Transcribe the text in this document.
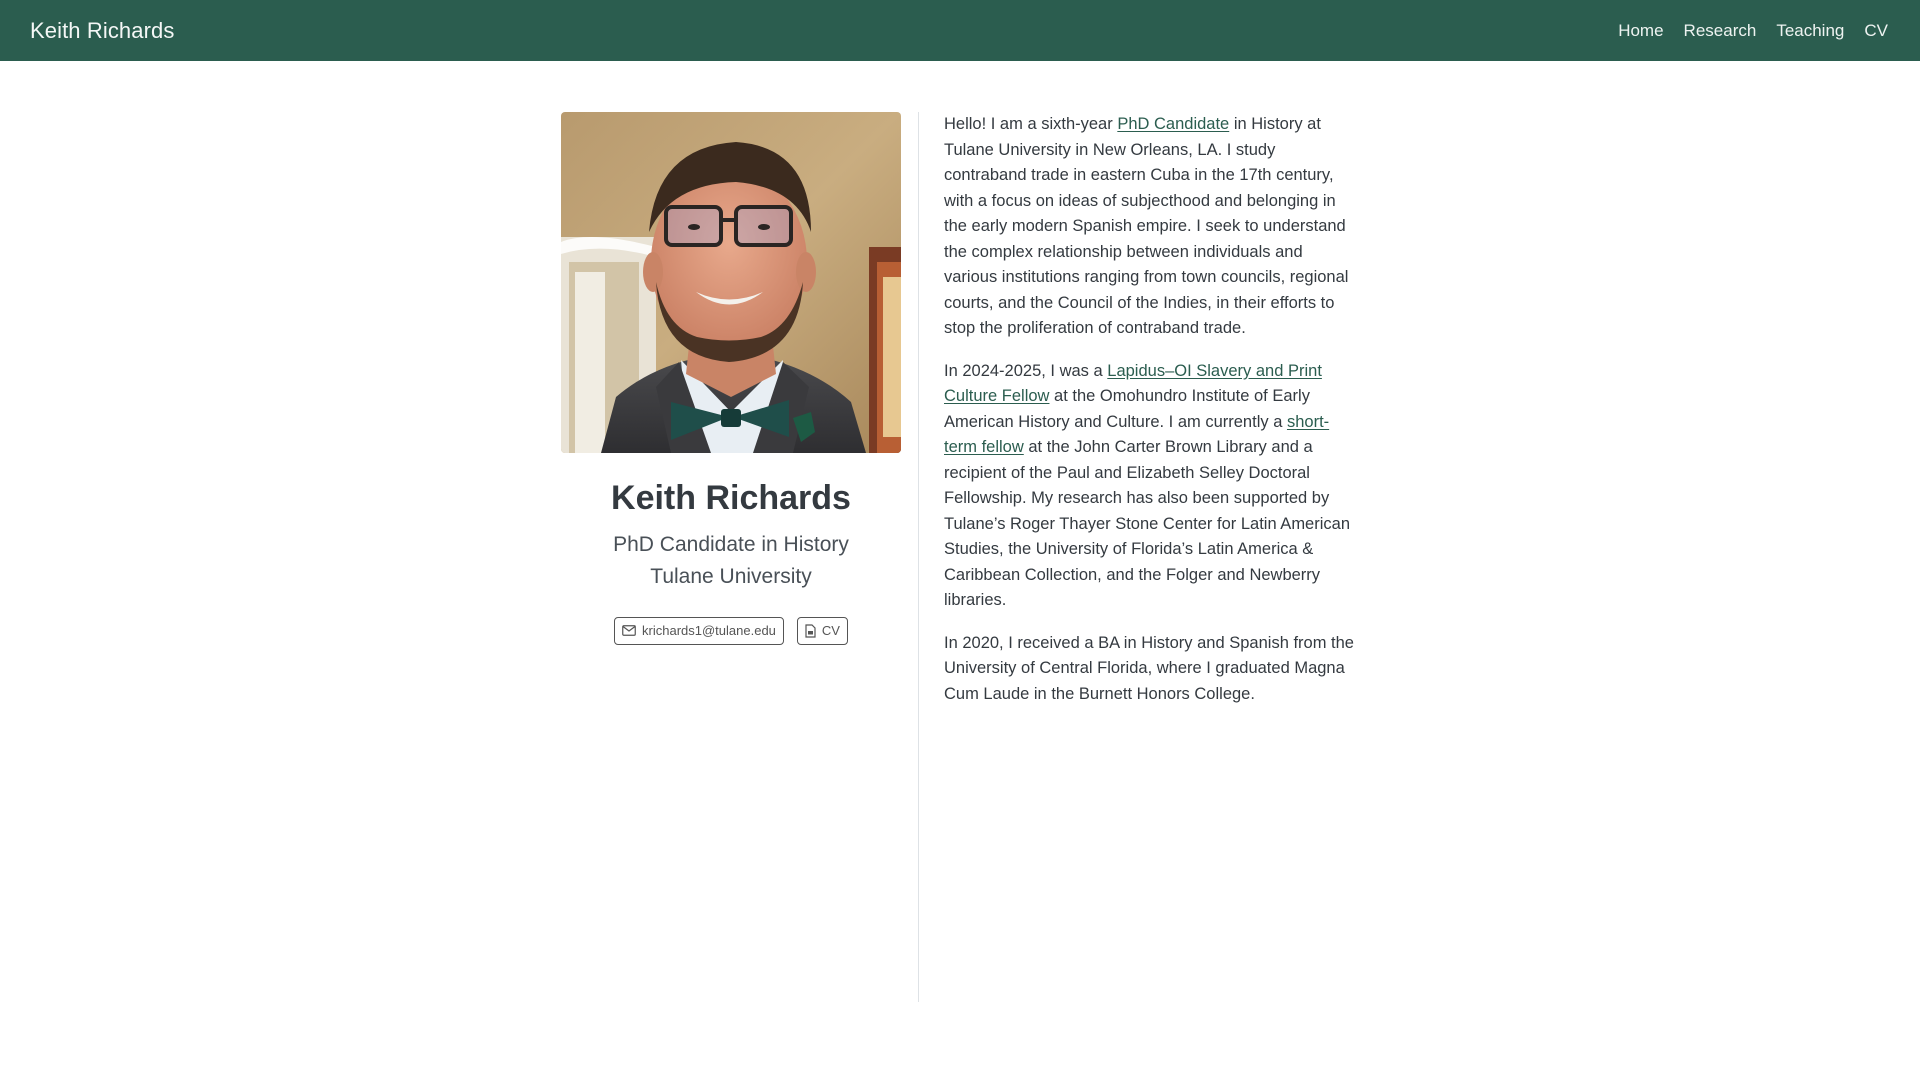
Keith Richards	Home	Research	Teaching	CV
Keith Richards
PhD Candidate in History
Tulane University
krichards1@tulane.edu	CV

Hello! I am a sixth-year PhD Candidate in History at Tulane University in New Orleans, LA. I study contraband trade in eastern Cuba in the 17th century, with a focus on ideas of subjecthood and belonging in the early modern Spanish empire. I seek to understand the complex relationship between individuals and various institutions ranging from town councils, regional courts, and the Council of the Indies, in their efforts to stop the proliferation of contraband trade.

In 2024-2025, I was a Lapidus–OI Slavery and Print Culture Fellow at the Omohundro Institute of Early American History and Culture. I am currently a short-term fellow at the John Carter Brown Library and a recipient of the Paul and Elizabeth Selley Doctoral Fellowship. My research has also been supported by Tulane’s Roger Thayer Stone Center for Latin American Studies, the University of Florida’s Latin America & Caribbean Collection, and the Folger and Newberry libraries.

In 2020, I received a BA in History and Spanish from the University of Central Florida, where I graduated Magna Cum Laude in the Burnett Honors College.
